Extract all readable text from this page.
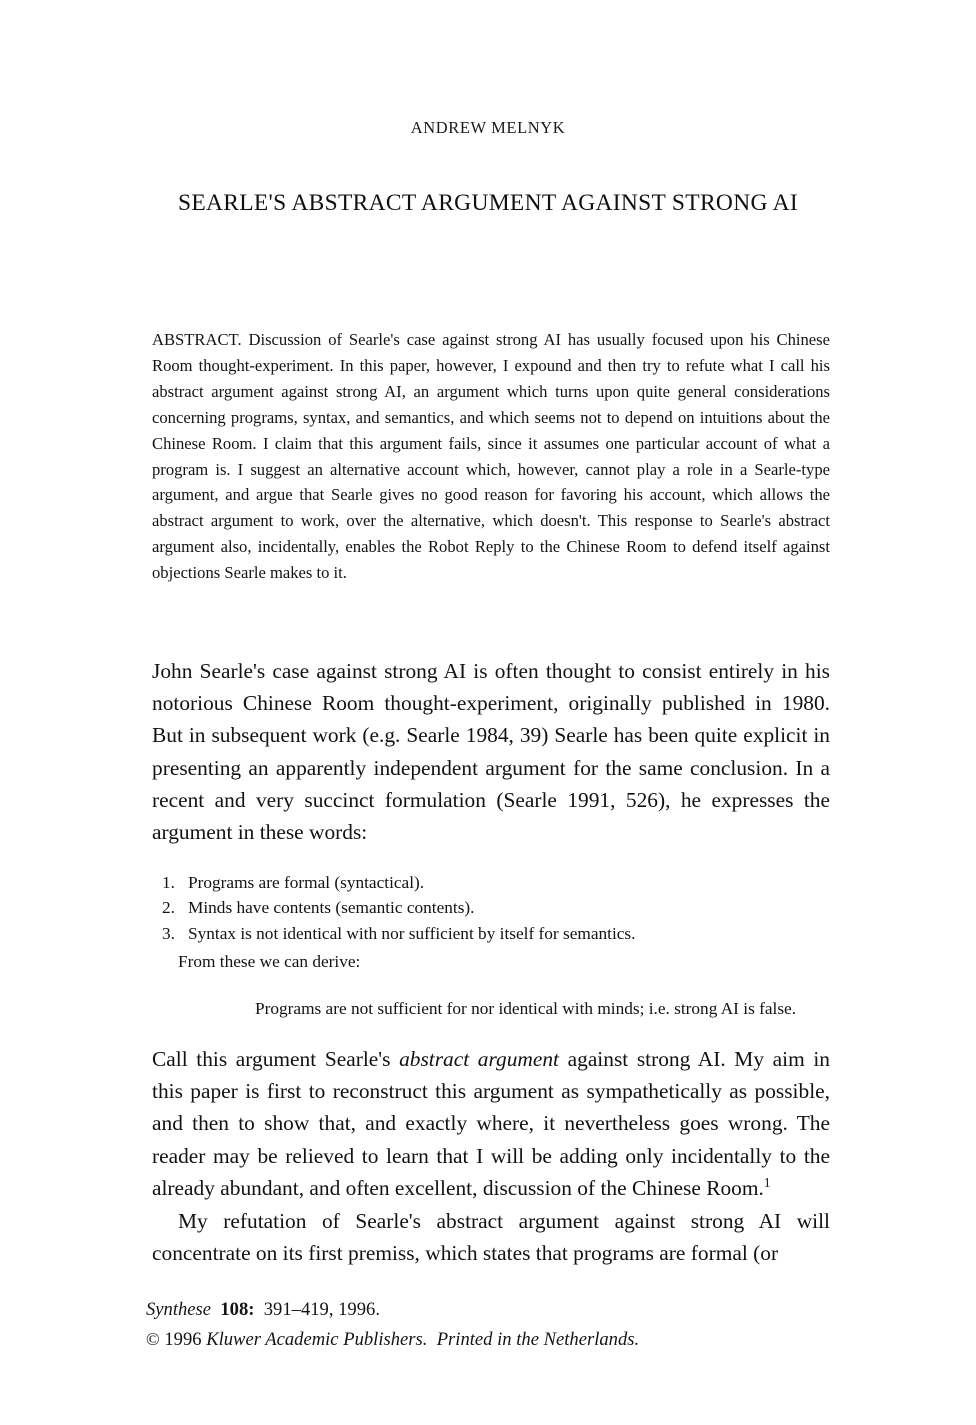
ANDREW MELNYK
SEARLE'S ABSTRACT ARGUMENT AGAINST STRONG AI
ABSTRACT. Discussion of Searle's case against strong AI has usually focused upon his Chinese Room thought-experiment. In this paper, however, I expound and then try to refute what I call his abstract argument against strong AI, an argument which turns upon quite general considerations concerning programs, syntax, and semantics, and which seems not to depend on intuitions about the Chinese Room. I claim that this argument fails, since it assumes one particular account of what a program is. I suggest an alternative account which, however, cannot play a role in a Searle-type argument, and argue that Searle gives no good reason for favoring his account, which allows the abstract argument to work, over the alternative, which doesn't. This response to Searle's abstract argument also, incidentally, enables the Robot Reply to the Chinese Room to defend itself against objections Searle makes to it.
John Searle's case against strong AI is often thought to consist entirely in his notorious Chinese Room thought-experiment, originally published in 1980. But in subsequent work (e.g. Searle 1984, 39) Searle has been quite explicit in presenting an apparently independent argument for the same conclusion. In a recent and very succinct formulation (Searle 1991, 526), he expresses the argument in these words:
1. Programs are formal (syntactical).
2. Minds have contents (semantic contents).
3. Syntax is not identical with nor sufficient by itself for semantics.
From these we can derive:
Programs are not sufficient for nor identical with minds; i.e. strong AI is false.
Call this argument Searle's abstract argument against strong AI. My aim in this paper is first to reconstruct this argument as sympathetically as possible, and then to show that, and exactly where, it nevertheless goes wrong. The reader may be relieved to learn that I will be adding only incidentally to the already abundant, and often excellent, discussion of the Chinese Room.$^1$
My refutation of Searle's abstract argument against strong AI will concentrate on its first premiss, which states that programs are formal (or
Synthese 108: 391–419, 1996.
© 1996 Kluwer Academic Publishers. Printed in the Netherlands.
